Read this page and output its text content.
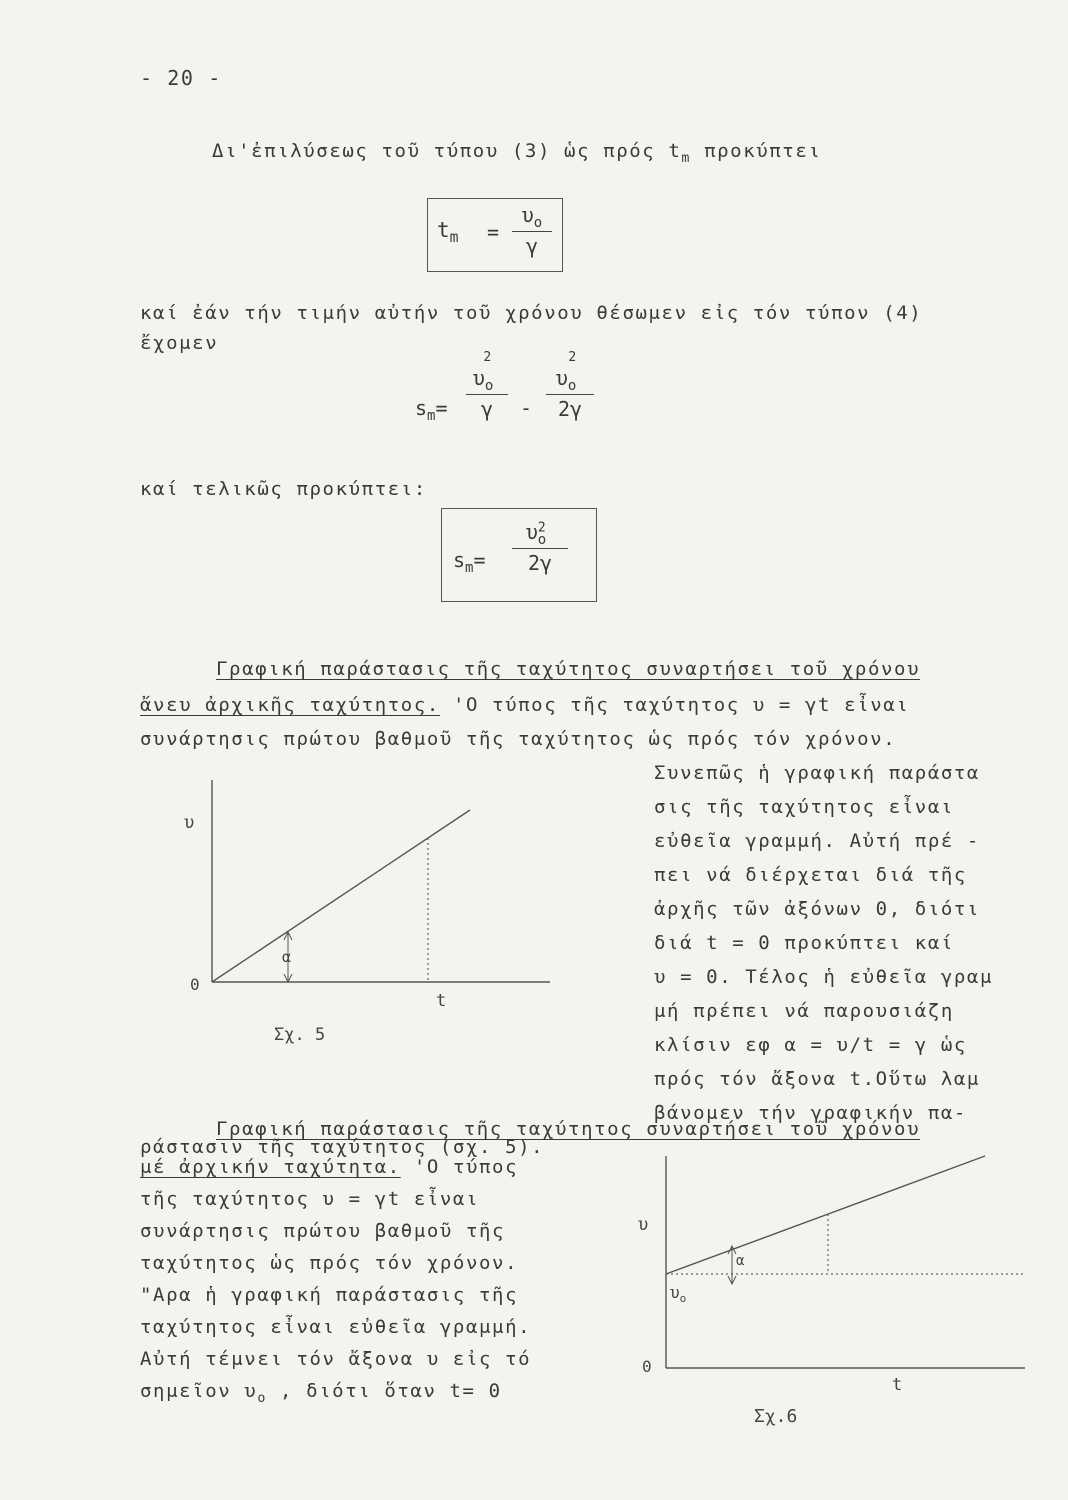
- 20 -
Δι'ἐπιλύσεως τοῦ τύπου (3) ὡς πρός $t_m$ προκύπτει
$t_m = \frac{\upsilon_o}{\gamma}$
καί ἐάν τήν τιμήν αὐτήν τοῦ χρόνου θέσωμεν εἰς τόν τύπον (4)
ἔχομεν
$s_m= \frac{\upsilon_o^2}{\gamma} - \frac{\upsilon_o^2}{2\gamma}$
καί τελικῶς προκύπτει:
$s_m= \frac{\upsilon^2_o}{2\gamma}$
Γραφική παράστασις τῆς ταχύτητος συναρτήσει τοῦ χρόνου
ἄνευ ἀρχικῆς ταχύτητος. 'Ο τύπος τῆς ταχύτητος υ = γt εἶναι
συνάρτησις πρώτου βαθμοῦ τῆς ταχύτητος ὡς πρός τόν χρόνον.
Συνεπῶς ἡ γραφική παράστα
σις τῆς ταχύτητος εἶναι
εὐθεῖα γραμμή. Αὐτή πρέ -
πει νά διέρχεται διά τῆς
ἀρχῆς τῶν ἀξόνων 0, διότι
διά t = 0 προκύπτει καί
υ = 0. Τέλος ἡ εὐθεῖα γραμ
μή πρέπει νά παρουσιάζη
κλίσιν εφ α = υ/t = γ ὡς
πρός τόν ἄξονα t.Οὕτω λαμ
βάνομεν τήν γραφικήν πα-
ράστασιν τῆς ταχύτητος (σχ. 5).
υ
0
α
t
Σχ. 5
Γραφική παράστασις τῆς ταχύτητος συναρτήσει τοῦ χρόνου
μέ ἀρχικήν ταχύτητα. 'Ο τύπος
τῆς ταχύτητος υ = γt εἶναι
συνάρτησις πρώτου βαθμοῦ τῆς
ταχύτητος ὡς πρός τόν χρόνον.
"Αρα ἡ γραφική παράστασις τῆς
ταχύτητος εἶναι εὐθεῖα γραμμή.
Αὐτή τέμνει τόν ἄξονα υ εἰς τό
σημεῖον $\upsilon_o$ , διότι ὅταν t= 0
υ
α
$\upsilon_o$
0
t
Σχ.6
